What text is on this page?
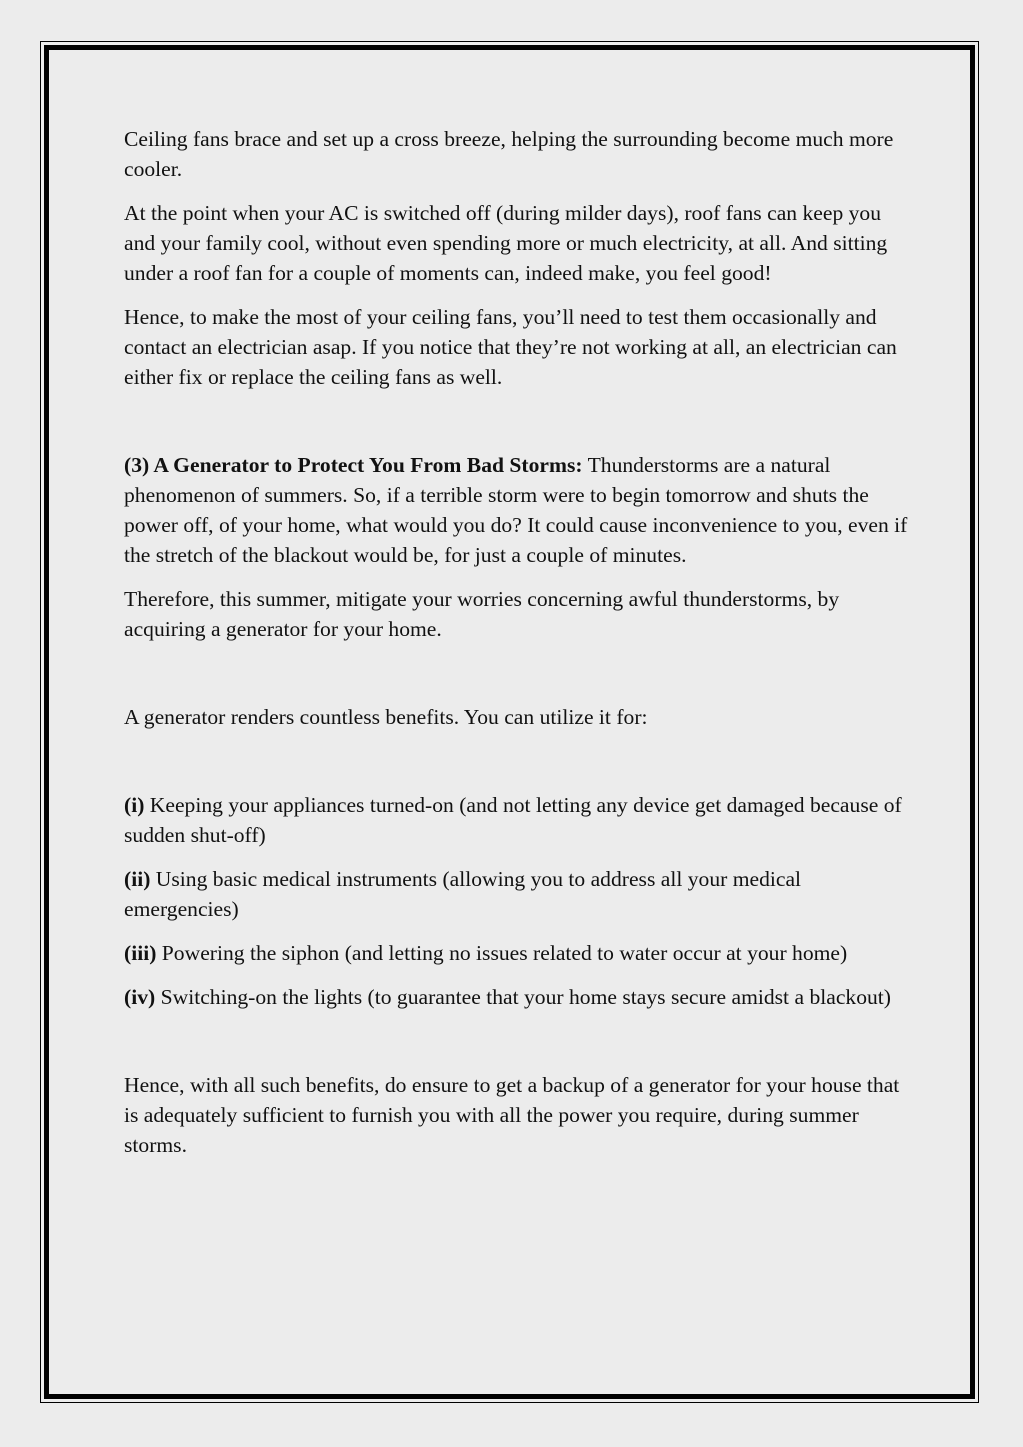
Ceiling fans brace and set up a cross breeze, helping the surrounding become much more cooler.

At the point when your AC is switched off (during milder days), roof fans can keep you and your family cool, without even spending more or much electricity, at all. And sitting under a roof fan for a couple of moments can, indeed make, you feel good!

Hence, to make the most of your ceiling fans, you’ll need to test them occasionally and contact an electrician asap. If you notice that they’re not working at all, an electrician can either fix or replace the ceiling fans as well.

(3) A Generator to Protect You From Bad Storms: Thunderstorms are a natural phenomenon of summers. So, if a terrible storm were to begin tomorrow and shuts the power off, of your home, what would you do? It could cause inconvenience to you, even if the stretch of the blackout would be, for just a couple of minutes.

Therefore, this summer, mitigate your worries concerning awful thunderstorms, by acquiring a generator for your home.

A generator renders countless benefits. You can utilize it for:

(i) Keeping your appliances turned-on (and not letting any device get damaged because of sudden shut-off)

(ii) Using basic medical instruments (allowing you to address all your medical emergencies)

(iii) Powering the siphon (and letting no issues related to water occur at your home)

(iv) Switching-on the lights (to guarantee that your home stays secure amidst a blackout)

Hence, with all such benefits, do ensure to get a backup of a generator for your house that is adequately sufficient to furnish you with all the power you require, during summer storms.
